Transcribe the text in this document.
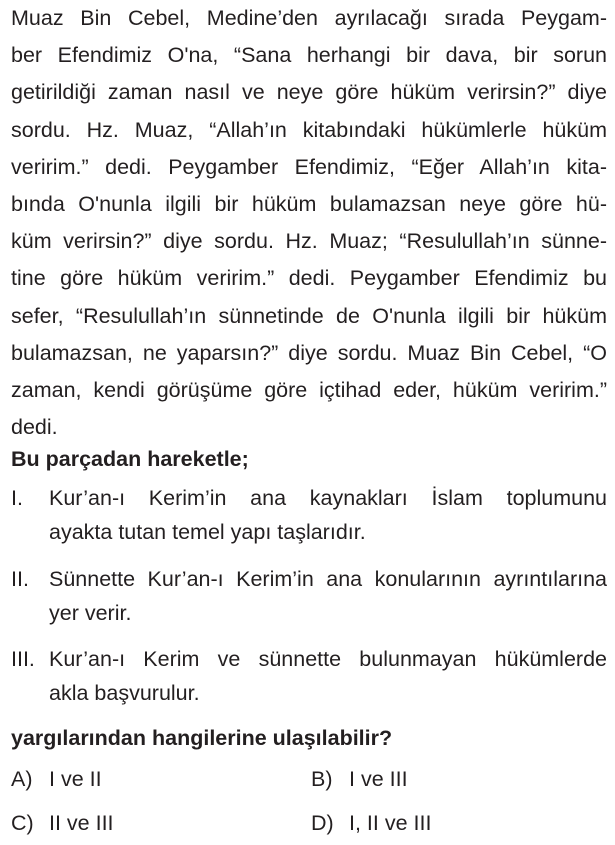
Muaz Bin Cebel, Medine’den ayrılacağı sırada Peygam-
ber Efendimiz O'na, “Sana herhangi bir dava, bir sorun
getirildiği zaman nasıl ve neye göre hüküm verirsin?” diye
sordu. Hz. Muaz, “Allah’ın kitabındaki hükümlerle hüküm
veririm.” dedi. Peygamber Efendimiz, “Eğer Allah’ın kita-
bında O'nunla ilgili bir hüküm bulamazsan neye göre hü-
küm verirsin?” diye sordu. Hz. Muaz; “Resulullah’ın sünne-
tine göre hüküm veririm.” dedi. Peygamber Efendimiz bu
sefer, “Resulullah’ın sünnetinde de O'nunla ilgili bir hüküm
bulamazsan, ne yaparsın?” diye sordu. Muaz Bin Cebel, “O
zaman, kendi görüşüme göre içtihad eder, hüküm veririm.”
dedi.
Bu parçadan hareketle;
I. Kur’an-ı Kerim’in ana kaynakları İslam toplumunu
ayakta tutan temel yapı taşlarıdır.
II. Sünnette Kur’an-ı Kerim’in ana konularının ayrıntılarına
yer verir.
III. Kur’an-ı Kerim ve sünnette bulunmayan hükümlerde
akla başvurulur.
yargılarından hangilerine ulaşılabilir?
A) I ve II	B) I ve III
C) II ve III	D) I, II ve III
